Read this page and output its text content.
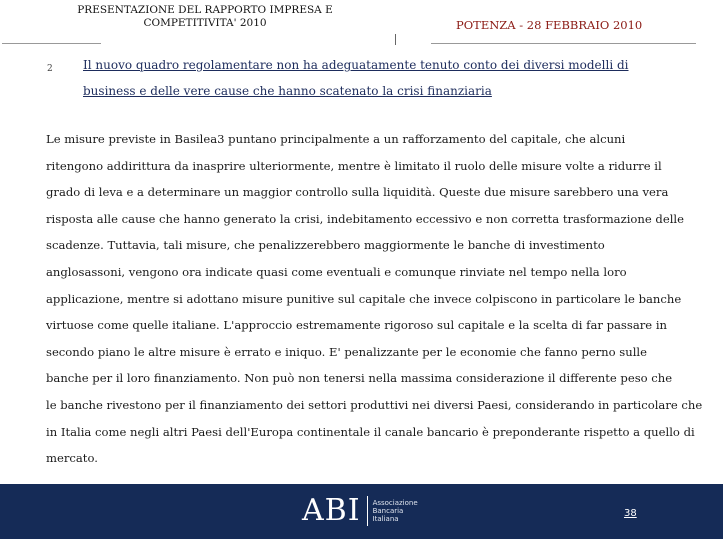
PRESENTAZIONE DEL RAPPORTO IMPRESA E
COMPETITIVITA' 2010	POTENZA - 28 FEBBRAIO 2010
2	Il nuovo quadro regolamentare non ha adeguatamente tenuto conto dei diversi modelli di
business e delle vere cause che hanno scatenato la crisi finanziaria
Le misure previste in Basilea3 puntano principalmente a un rafforzamento del capitale, che alcuni
ritengono addirittura da inasprire ulteriormente, mentre è limitato il ruolo delle misure volte a ridurre il
grado di leva e a determinare un maggior controllo sulla liquidità. Queste due misure sarebbero una vera
risposta alle cause che hanno generato la crisi, indebitamento eccessivo e non corretta trasformazione delle
scadenze. Tuttavia, tali misure, che penalizzerebbero maggiormente le banche di investimento
anglosassoni, vengono ora indicate quasi come eventuali e comunque rinviate nel tempo nella loro
applicazione, mentre si adottano misure punitive sul capitale che invece colpiscono in particolare le banche
virtuose come quelle italiane. L'approccio estremamente rigoroso sul capitale e la scelta di far passare in
secondo piano le altre misure è errato e iniquo. E' penalizzante per le economie che fanno perno sulle
banche per il loro finanziamento. Non può non tenersi nella massima considerazione il differente peso che
le banche rivestono per il finanziamento dei settori produttivi nei diversi Paesi, considerando in particolare che
in Italia come negli altri Paesi dell'Europa continentale il canale bancario è preponderante rispetto a quello di
mercato.
ABI Associazione
Bancaria
Italiana	38
